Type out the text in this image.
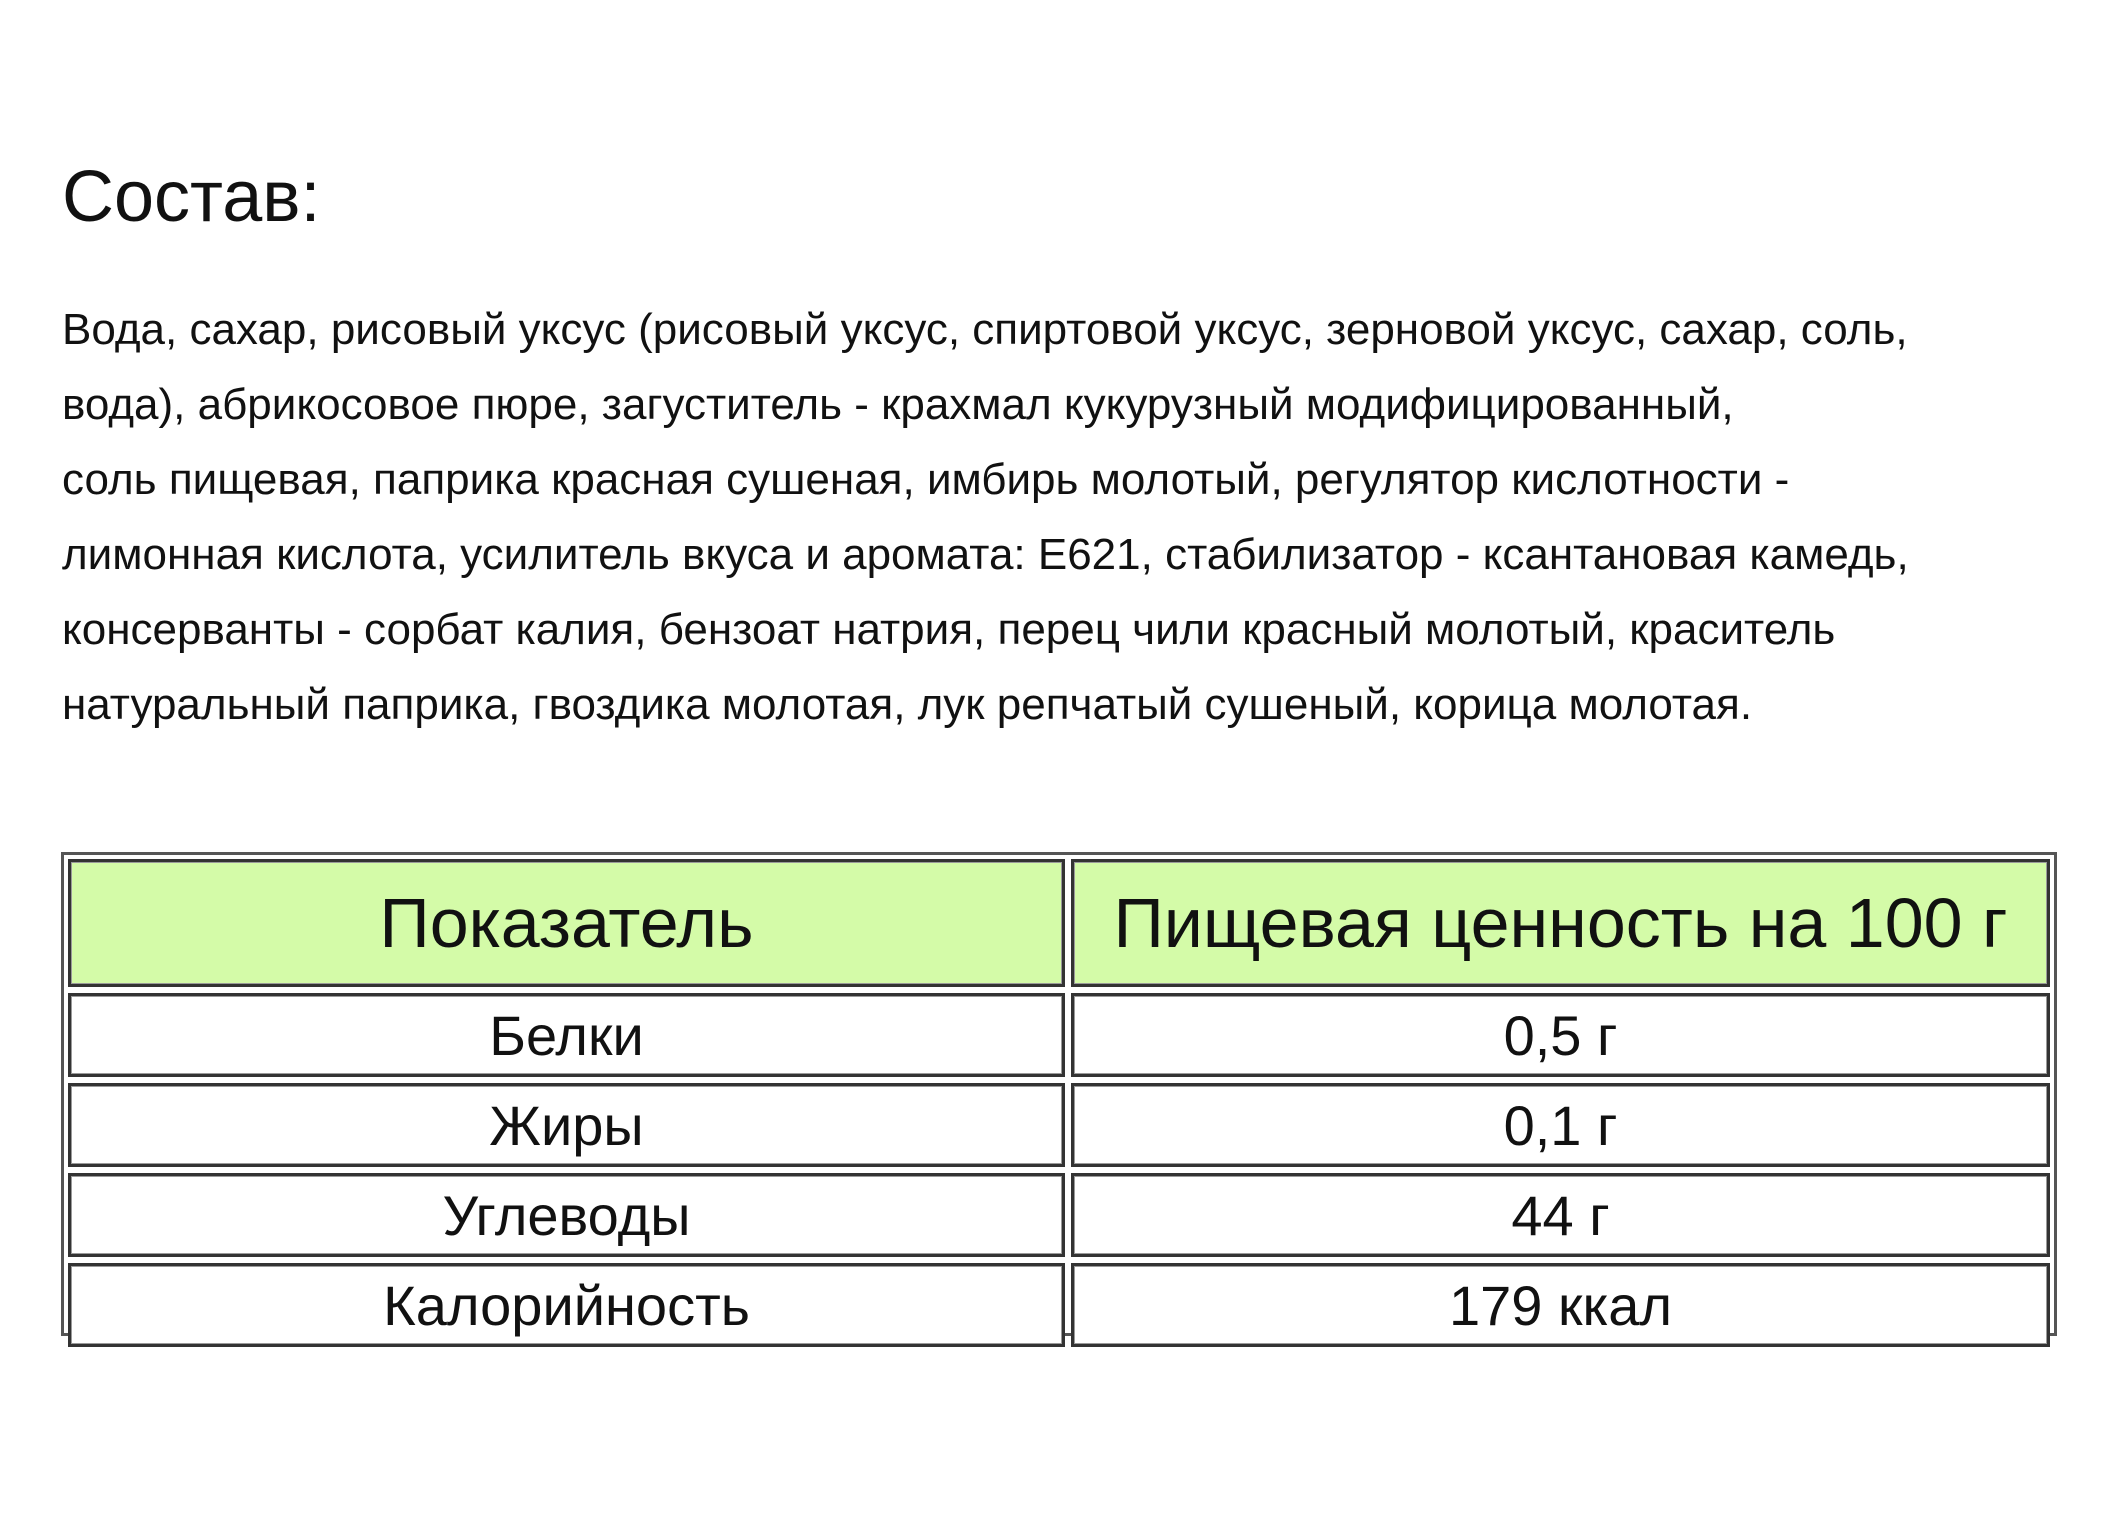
Состав:

Вода, сахар, рисовый уксус (рисовый уксус, спиртовой уксус, зерновой уксус, сахар, соль,
вода), абрикосовое пюре, загуститель - крахмал кукурузный модифицированный,
соль пищевая, паприка красная сушеная, имбирь молотый, регулятор кислотности -
лимонная кислота, усилитель вкуса и аромата: Е621, стабилизатор - ксантановая камедь,
консерванты - сорбат калия, бензоат натрия, перец чили красный молотый, краситель
натуральный паприка, гвоздика молотая, лук репчатый сушеный, корица молотая.

Показатель	Пищевая ценность на 100 г
Белки	0,5 г
Жиры	0,1 г
Углеводы	44 г
Калорийность	179 ккал
